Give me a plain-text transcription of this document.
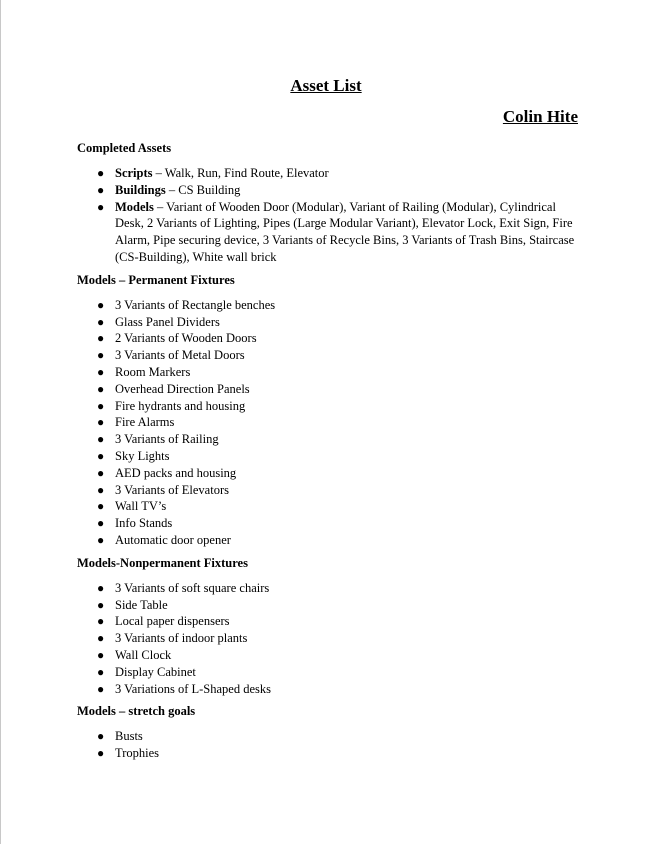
Asset List
Colin Hite

Completed Assets

● Scripts – Walk, Run, Find Route, Elevator
● Buildings – CS Building
● Models – Variant of Wooden Door (Modular), Variant of Railing (Modular), Cylindrical Desk, 2 Variants of Lighting, Pipes (Large Modular Variant), Elevator Lock, Exit Sign, Fire Alarm, Pipe securing device, 3 Variants of Recycle Bins, 3 Variants of Trash Bins, Staircase (CS-Building), White wall brick

Models – Permanent Fixtures

● 3 Variants of Rectangle benches
● Glass Panel Dividers
● 2 Variants of Wooden Doors
● 3 Variants of Metal Doors
● Room Markers
● Overhead Direction Panels
● Fire hydrants and housing
● Fire Alarms
● 3 Variants of Railing
● Sky Lights
● AED packs and housing
● 3 Variants of Elevators
● Wall TV’s
● Info Stands
● Automatic door opener

Models-Nonpermanent Fixtures

● 3 Variants of soft square chairs
● Side Table
● Local paper dispensers
● 3 Variants of indoor plants
● Wall Clock
● Display Cabinet
● 3 Variations of L-Shaped desks

Models – stretch goals

● Busts
● Trophies
